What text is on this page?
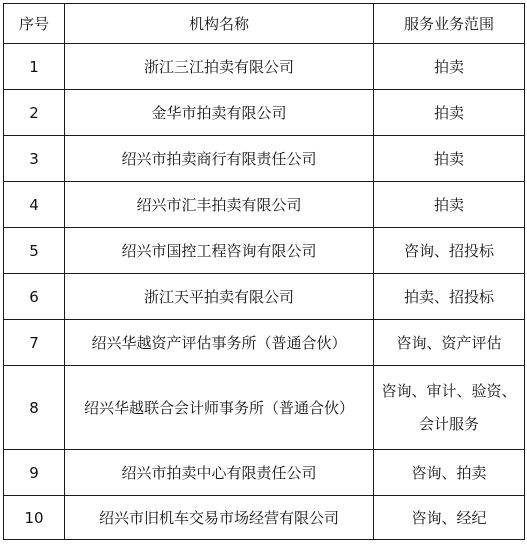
序号	机构名称	服务业务范围
1	浙江三江拍卖有限公司	拍卖
2	金华市拍卖有限公司	拍卖
3	绍兴市拍卖商行有限责任公司	拍卖
4	绍兴市汇丰拍卖有限公司	拍卖
5	绍兴市国控工程咨询有限公司	咨询、招投标
6	浙江天平拍卖有限公司	拍卖、招投标
7	绍兴华越资产评估事务所（普通合伙）	咨询、资产评估
8	绍兴华越联合会计师事务所（普通合伙）	咨询、审计、验资、会计服务
9	绍兴市拍卖中心有限责任公司	咨询、拍卖
10	绍兴市旧机车交易市场经营有限公司	咨询、经纪
